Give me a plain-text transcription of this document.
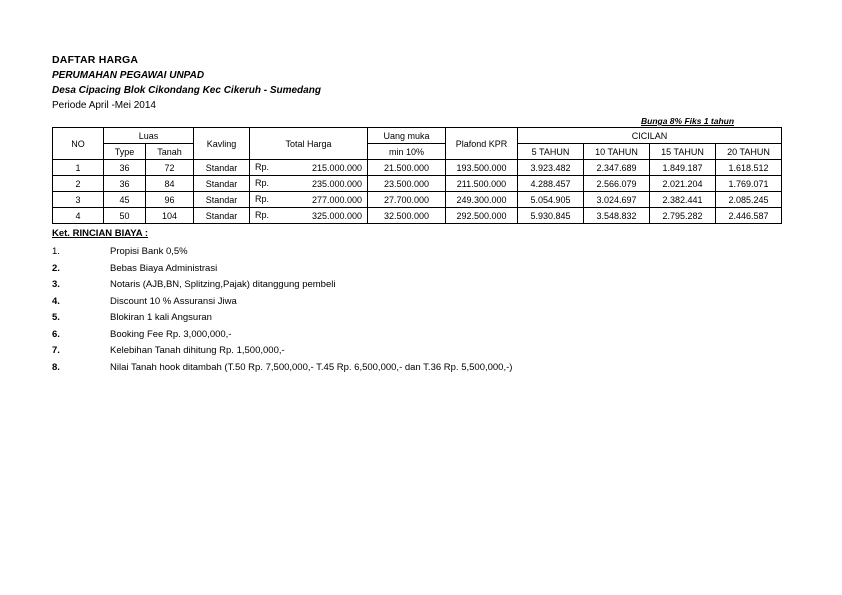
DAFTAR HARGA
PERUMAHAN PEGAWAI UNPAD
Desa Cipacing Blok Cikondang Kec Cikeruh - Sumedang
Periode April -Mei 2014
Bunga 8% Fiks 1 tahun
NO	Luas		Kavling	Total Harga	Uang muka	Plafond KPR	CICILAN			
	Type	Tanah			min 10%		5 TAHUN	10 TAHUN	15 TAHUN	20 TAHUN
1	36	72	Standar	Rp. 215.000.000	21.500.000	193.500.000	3.923.482	2.347.689	1.849.187	1.618.512
2	36	84	Standar	Rp. 235.000.000	23.500.000	211.500.000	4.288.457	2.566.079	2.021.204	1.769.071
3	45	96	Standar	Rp. 277.000.000	27.700.000	249.300.000	5.054.905	3.024.697	2.382.441	2.085.245
4	50	104	Standar	Rp. 325.000.000	32.500.000	292.500.000	5.930.845	3.548.832	2.795.282	2.446.587
Ket. RINCIAN BIAYA :
1.	Propisi Bank 0,5%
2.	Bebas Biaya Administrasi
3.	Notaris (AJB,BN, Splitzing,Pajak) ditanggung pembeli
4.	Discount 10 % Assuransi Jiwa
5.	Blokiran 1 kali Angsuran
6.	Booking Fee Rp. 3,000,000,-
7.	Kelebihan Tanah dihitung Rp. 1,500,000,-
8.	Nilai Tanah hook ditambah (T.50 Rp. 7,500,000,- T.45 Rp. 6,500,000,- dan T.36 Rp. 5,500,000,-)
